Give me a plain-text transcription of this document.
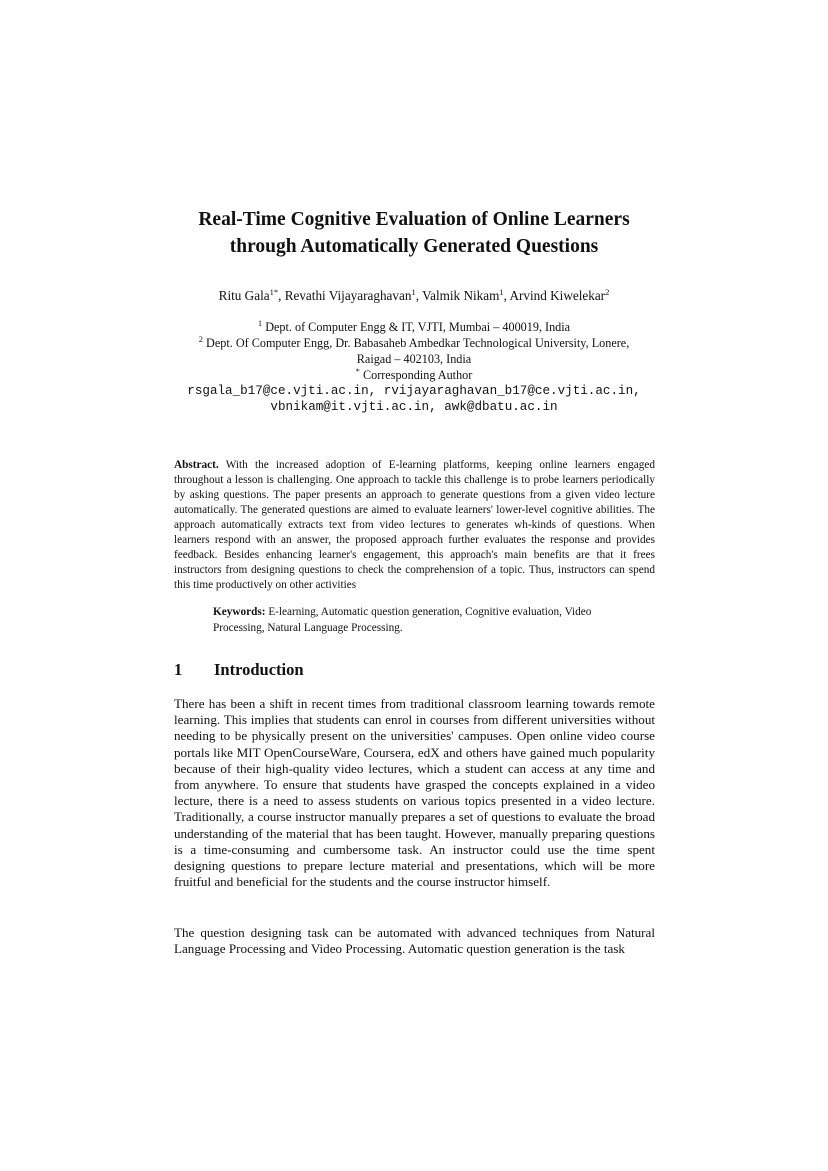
Real-Time Cognitive Evaluation of Online Learners
through Automatically Generated Questions
Ritu Gala$^{1*}$, Revathi Vijayaraghavan$^1$, Valmik Nikam$^1$, Arvind Kiwelekar$^2$
$^1$ Dept. of Computer Engg & IT, VJTI, Mumbai – 400019, India
$^2$ Dept. Of Computer Engg, Dr. Babasaheb Ambedkar Technological University, Lonere,
Raigad – 402103, India
* Corresponding Author
rsgala_b17@ce.vjti.ac.in, rvijayaraghavan_b17@ce.vjti.ac.in,
vbnikam@it.vjti.ac.in, awk@dbatu.ac.in
Abstract. With the increased adoption of E-learning platforms, keeping online learners engaged throughout a lesson is challenging. One approach to tackle this challenge is to probe learners periodically by asking questions. The paper presents an approach to generate questions from a given video lecture automatically. The generated questions are aimed to evaluate learners' lower-level cognitive abilities. The approach automatically extracts text from video lectures to generates wh-kinds of questions. When learners respond with an answer, the proposed approach further evaluates the response and provides feedback. Besides enhancing learner's engagement, this approach's main benefits are that it frees instructors from designing questions to check the comprehension of a topic. Thus, instructors can spend this time productively on other activities
Keywords: E-learning, Automatic question generation, Cognitive evaluation, Video Processing, Natural Language Processing.
1 Introduction
There has been a shift in recent times from traditional classroom learning towards remote learning. This implies that students can enrol in courses from different universities without needing to be physically present on the universities' campuses. Open online video course portals like MIT OpenCourseWare, Coursera, edX and others have gained much popularity because of their high-quality video lectures, which a student can access at any time and from anywhere. To ensure that students have grasped the concepts explained in a video lecture, there is a need to assess students on various topics presented in a video lecture. Traditionally, a course instructor manually prepares a set of questions to evaluate the broad understanding of the material that has been taught. However, manually preparing questions is a time-consuming and cumbersome task. An instructor could use the time spent designing questions to prepare lecture material and presentations, which will be more fruitful and beneficial for the students and the course instructor himself.
The question designing task can be automated with advanced techniques from Natural Language Processing and Video Processing. Automatic question generation is the task
